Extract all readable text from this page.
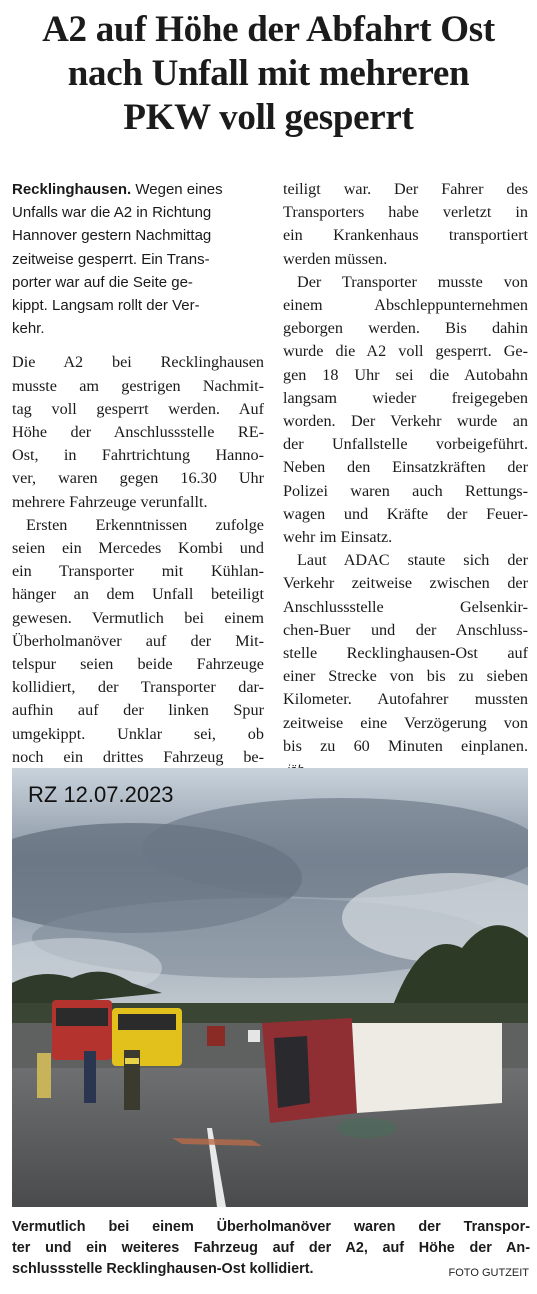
A2 auf Höhe der Abfahrt Ost
nach Unfall mit mehreren
PKW voll gesperrt
Recklinghausen. Wegen eines
Unfalls war die A2 in Richtung
Hannover gestern Nachmittag
zeitweise gesperrt. Ein Trans-
porter war auf die Seite ge-
kippt. Langsam rollt der Ver-
kehr.
Die A2 bei Recklinghausen
musste am gestrigen Nachmit-
tag voll gesperrt werden. Auf
Höhe der Anschlussstelle RE-
Ost, in Fahrtrichtung Hanno-
ver, waren gegen 16.30 Uhr
mehrere Fahrzeuge verunfallt.
Ersten Erkenntnissen zufolge
seien ein Mercedes Kombi und
ein Transporter mit Kühlan-
hänger an dem Unfall beteiligt
gewesen. Vermutlich bei einem
Überholmanöver auf der Mit-
telspur seien beide Fahrzeuge
kollidiert, der Transporter dar-
aufhin auf der linken Spur
umgekippt. Unklar sei, ob
noch ein drittes Fahrzeug be-
teiligt war. Der Fahrer des
Transporters habe verletzt in
ein Krankenhaus transportiert
werden müssen.
Der Transporter musste von
einem Abschleppunternehmen
geborgen werden. Bis dahin
wurde die A2 voll gesperrt. Ge-
gen 18 Uhr sei die Autobahn
langsam wieder freigegeben
worden. Der Verkehr wurde an
der Unfallstelle vorbeigeführt.
Neben den Einsatzkräften der
Polizei waren auch Rettungs-
wagen und Kräfte der Feuer-
wehr im Einsatz.
Laut ADAC staute sich der
Verkehr zeitweise zwischen der
Anschlussstelle Gelsenkir-
chen-Buer und der Anschluss-
stelle Recklinghausen-Ost auf
einer Strecke von bis zu sieben
Kilometer. Autofahrer mussten
zeitweise eine Verzögerung von
bis zu 60 Minuten einplanen.
RZ 12.07.2023
Vermutlich bei einem Überholmanöver waren der Transpor-
ter und ein weiteres Fahrzeug auf der A2, auf Höhe der An-
schlussstelle Recklinghausen-Ost kollidiert.	FOTO GUTZEIT
